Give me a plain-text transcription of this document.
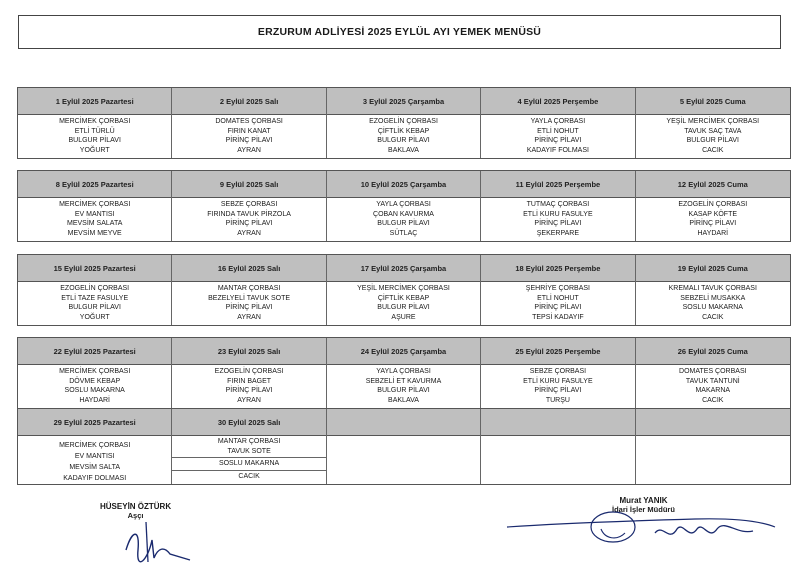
ERZURUM ADLİYESİ 2025 EYLÜL AYI YEMEK MENÜSÜ
1 Eylül 2025 Pazartesi
MERCİMEK ÇORBASI
ETLİ TÜRLÜ
BULGUR PİLAVI
YOĞURT
2 Eylül 2025 Salı
DOMATES ÇORBASI
FIRIN KANAT
PİRİNÇ PİLAVI
AYRAN
3 Eylül 2025 Çarşamba
EZOGELİN ÇORBASI
ÇİFTLİK KEBAP
BULGUR PİLAVI
BAKLAVA
4 Eylül 2025 Perşembe
YAYLA ÇORBASI
ETLİ NOHUT
PİRİNÇ PİLAVI
KADAYIF FOLMASI
5 Eylül 2025 Cuma
YEŞİL MERCİMEK ÇORBASI
TAVUK SAÇ TAVA
BULGUR PİLAVI
CACIK
8 Eylül 2025 Pazartesi
MERCİMEK ÇORBASI
EV MANTISI
MEVSİM SALATA
MEVSİM MEYVE
9 Eylül 2025 Salı
SEBZE ÇORBASI
FIRINDA TAVUK PİRZOLA
PİRİNÇ PİLAVI
AYRAN
10 Eylül 2025 Çarşamba
YAYLA ÇORBASI
ÇOBAN KAVURMA
BULGUR PİLAVI
SÜTLAÇ
11 Eylül 2025 Perşembe
TUTMAÇ ÇORBASI
ETLİ KURU FASULYE
PİRİNÇ PİLAVI
ŞEKERPARE
12 Eylül 2025 Cuma
EZOGELİN ÇORBASI
KASAP KÖFTE
PİRİNÇ PİLAVI
HAYDARİ
15 Eylül 2025 Pazartesi
EZOGELİN ÇORBASI
ETLİ TAZE FASULYE
BULGUR PİLAVI
YOĞURT
16 Eylül 2025 Salı
MANTAR ÇORBASI
BEZELYELİ TAVUK SOTE
PİRİNÇ PİLAVI
AYRAN
17 Eylül 2025 Çarşamba
YEŞİL MERCİMEK ÇORBASI
ÇİFTLİK KEBAP
BULGUR PİLAVI
AŞURE
18 Eylül 2025 Perşembe
ŞEHRİYE ÇORBASI
ETLİ NOHUT
PİRİNÇ PİLAVI
TEPSİ KADAYIF
19 Eylül 2025 Cuma
KREMALI TAVUK ÇORBASI
SEBZELİ MUSAKKA
SOSLU MAKARNA
CACIK
22 Eylül 2025 Pazartesi
MERCİMEK ÇORBASI
DÖVME KEBAP
SOSLU MAKARNA
HAYDARİ
23 Eylül 2025 Salı
EZOGELİN ÇORBASI
FIRIN BAGET
PİRİNÇ PİLAVI
AYRAN
24 Eylül 2025 Çarşamba
YAYLA ÇORBASI
SEBZELİ ET KAVURMA
BULGUR PİLAVI
BAKLAVA
25 Eylül 2025 Perşembe
SEBZE ÇORBASI
ETLİ KURU FASULYE
PİRİNÇ PİLAVI
TURŞU
26 Eylül 2025 Cuma
DOMATES ÇORBASI
TAVUK TANTUNİ
MAKARNA
CACIK
29 Eylül 2025 Pazartesi
MERCİMEK ÇORBASI
EV MANTISI
MEVSİM SALTA
KADAYIF DOLMASI
30 Eylül 2025 Salı
MANTAR ÇORBASI
TAVUK SOTE
SOSLU MAKARNA
CACIK
HÜSEYİN ÖZTÜRK
Aşçı
Murat YANIK
İdari İşler Müdürü
